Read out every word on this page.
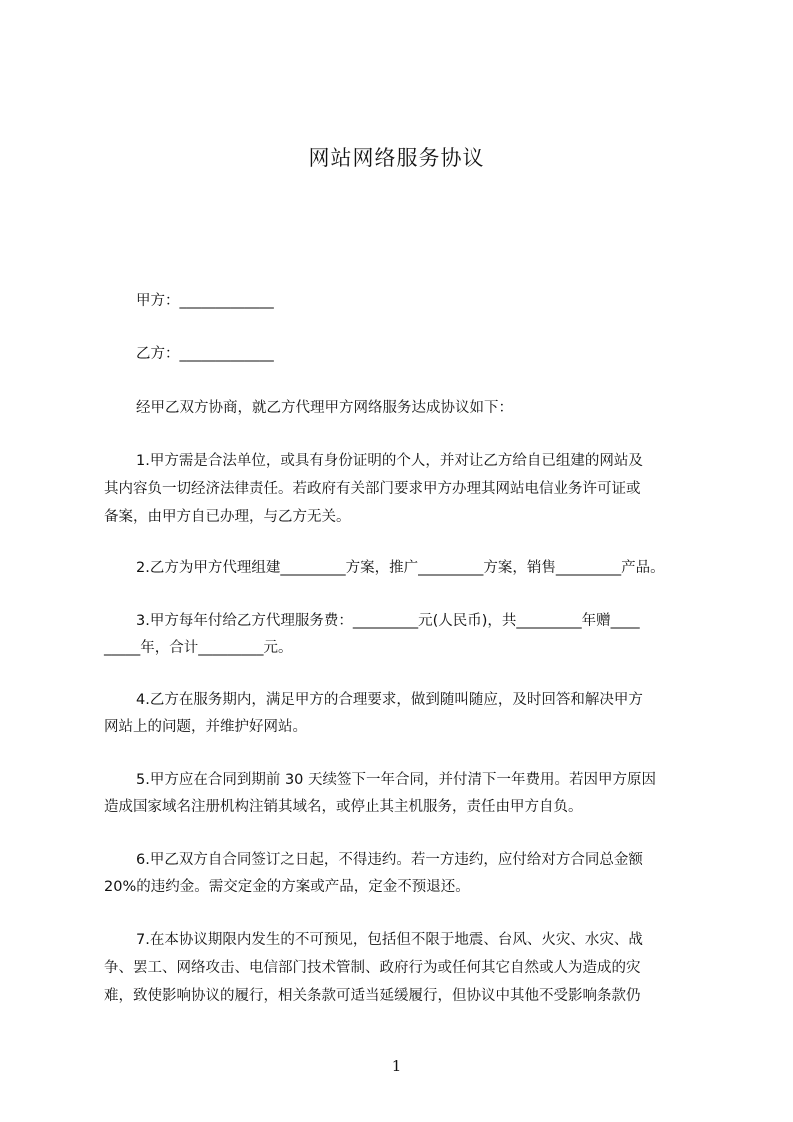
网站网络服务协议
甲方：_____________
乙方：_____________
经甲乙双方协商，就乙方代理甲方网络服务达成协议如下：
1.甲方需是合法单位，或具有身份证明的个人，并对让乙方给自已组建的网站及
其内容负一切经济法律责任。若政府有关部门要求甲方办理其网站电信业务许可证或
备案，由甲方自已办理，与乙方无关。
2.乙方为甲方代理组建_________方案，推广_________方案，销售_________产品。
3.甲方每年付给乙方代理服务费：_________元(人民币)，共_________年赠____
_____年，合计_________元。
4.乙方在服务期内，满足甲方的合理要求，做到随叫随应，及时回答和解决甲方
网站上的问题，并维护好网站。
5.甲方应在合同到期前 30 天续签下一年合同，并付清下一年费用。若因甲方原因
造成国家域名注册机构注销其域名，或停止其主机服务，责任由甲方自负。
6.甲乙双方自合同签订之日起，不得违约。若一方违约，应付给对方合同总金额
20%的违约金。需交定金的方案或产品，定金不预退还。
7.在本协议期限内发生的不可预见，包括但不限于地震、台风、火灾、水灾、战
争、罢工、网络攻击、电信部门技术管制、政府行为或任何其它自然或人为造成的灾
难，致使影响协议的履行，相关条款可适当延缓履行，但协议中其他不受影响条款仍
1
